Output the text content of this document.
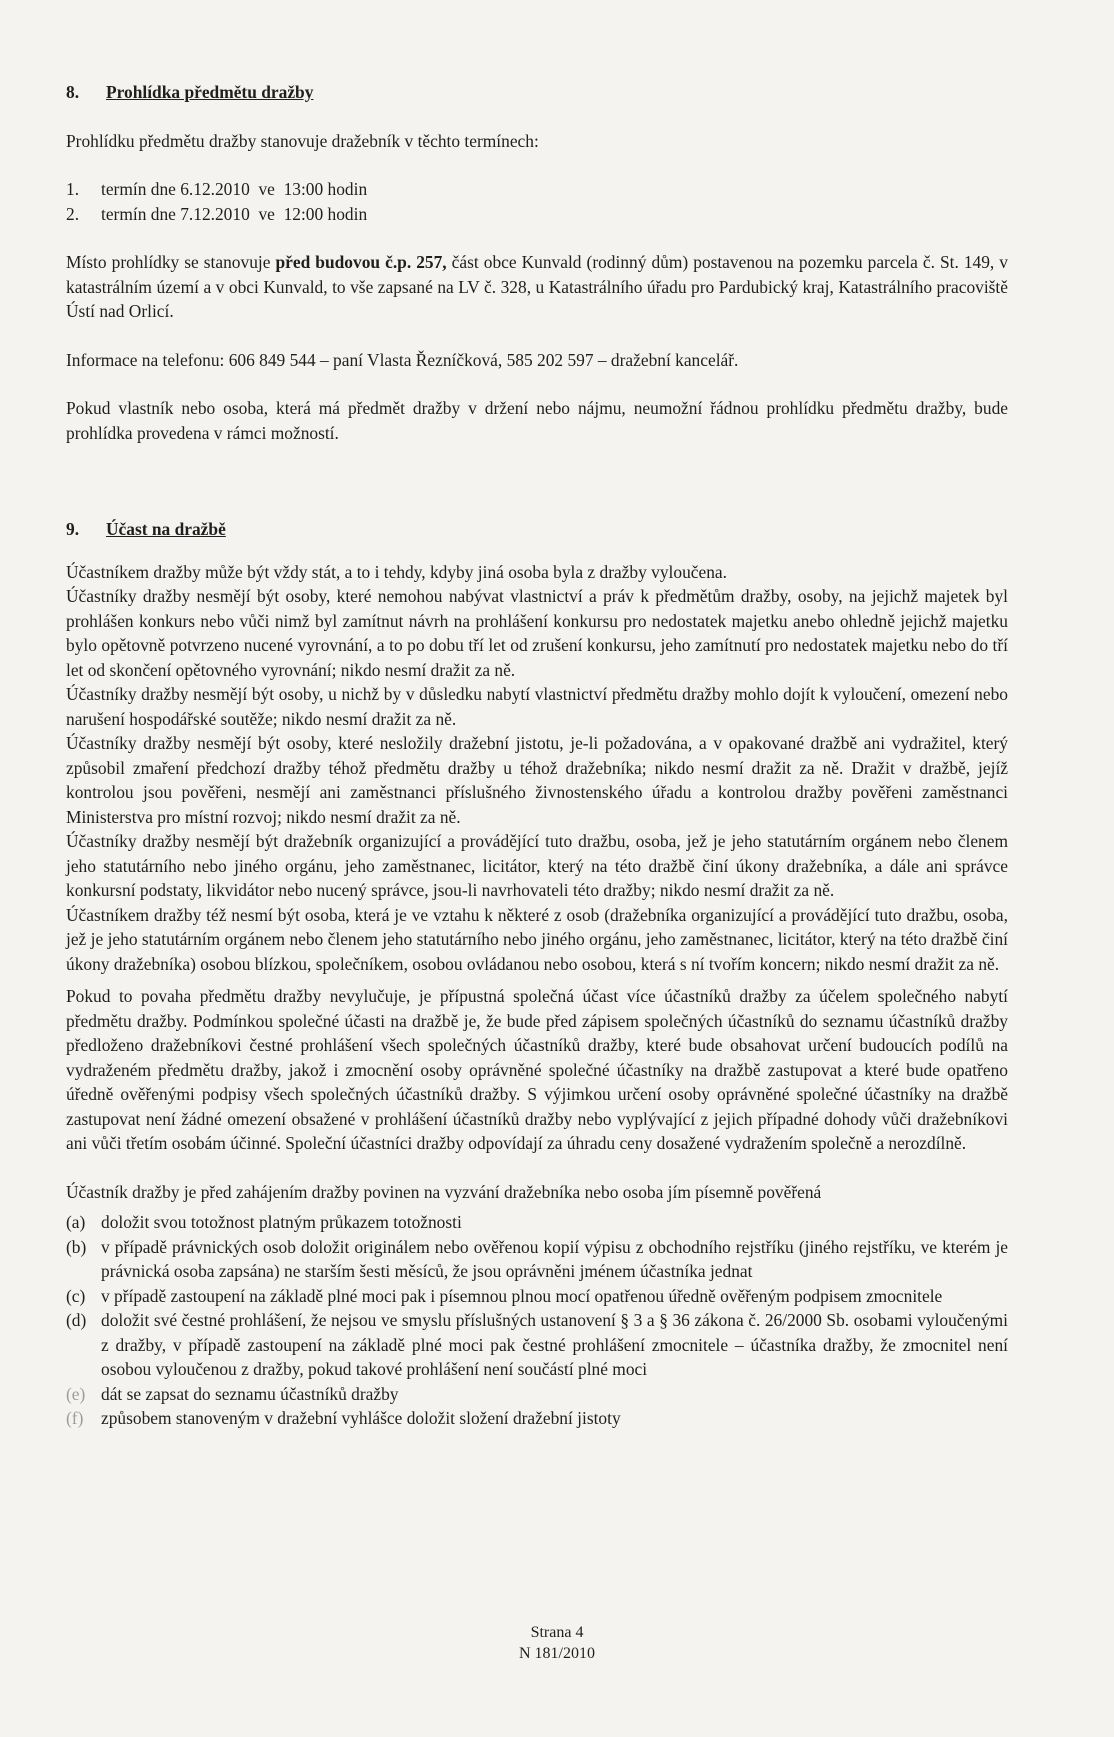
8.	Prohlídka předmětu dražby

Prohlídku předmětu dražby stanovuje dražebník v těchto termínech:

1.	termín dne 6.12.2010  ve  13:00 hodin
2.	termín dne 7.12.2010  ve  12:00 hodin

Místo prohlídky se stanovuje před budovou č.p. 257, část obce Kunvald (rodinný dům) postavenou na pozemku parcela č. St. 149, v katastrálním území a v obci Kunvald, to vše zapsané na LV č. 328, u Katastrálního úřadu pro Pardubický kraj, Katastrálního pracoviště Ústí nad Orlicí.

Informace na telefonu: 606 849 544 – paní Vlasta Řezníčková, 585 202 597 – dražební kancelář.

Pokud vlastník nebo osoba, která má předmět dražby v držení nebo nájmu, neumožní řádnou prohlídku předmětu dražby, bude prohlídka provedena v rámci možností.

9.	Účast na dražbě

Účastníkem dražby může být vždy stát, a to i tehdy, kdyby jiná osoba byla z dražby vyloučena.

Účastníky dražby nesmějí být osoby, které nemohou nabývat vlastnictví a práv k předmětům dražby, osoby, na jejichž majetek byl prohlášen konkurs nebo vůči nimž byl zamítnut návrh na prohlášení konkursu pro nedostatek majetku anebo ohledně jejichž majetku bylo opětovně potvrzeno nucené vyrovnání, a to po dobu tří let od zrušení konkursu, jeho zamítnutí pro nedostatek majetku nebo do tří let od skončení opětovného vyrovnání; nikdo nesmí dražit za ně.

Účastníky dražby nesmějí být osoby, u nichž by v důsledku nabytí vlastnictví předmětu dražby mohlo dojít k vyloučení, omezení nebo narušení hospodářské soutěže; nikdo nesmí dražit za ně.

Účastníky dražby nesmějí být osoby, které nesložily dražební jistotu, je-li požadována, a v opakované dražbě ani vydražitel, který způsobil zmaření předchozí dražby téhož předmětu dražby u téhož dražebníka; nikdo nesmí dražit za ně. Dražit v dražbě, jejíž kontrolou jsou pověřeni, nesmějí ani zaměstnanci příslušného živnostenského úřadu a kontrolou dražby pověřeni zaměstnanci Ministerstva pro místní rozvoj; nikdo nesmí dražit za ně.

Účastníky dražby nesmějí být dražebník organizující a provádějící tuto dražbu, osoba, jež je jeho statutárním orgánem nebo členem jeho statutárního nebo jiného orgánu, jeho zaměstnanec, licitátor, který na této dražbě činí úkony dražebníka, a dále ani správce konkursní podstaty, likvidátor nebo nucený správce, jsou-li navrhovateli této dražby; nikdo nesmí dražit za ně.

Účastníkem dražby též nesmí být osoba, která je ve vztahu k některé z osob (dražebníka organizující a provádějící tuto dražbu, osoba, jež je jeho statutárním orgánem nebo členem jeho statutárního nebo jiného orgánu, jeho zaměstnanec, licitátor, který na této dražbě činí úkony dražebníka) osobou blízkou, společníkem, osobou ovládanou nebo osobou, která s ní tvořím koncern; nikdo nesmí dražit za ně.

Pokud to povaha předmětu dražby nevylučuje, je přípustná společná účast více účastníků dražby za účelem společného nabytí předmětu dražby. Podmínkou společné účasti na dražbě je, že bude před zápisem společných účastníků do seznamu účastníků dražby předloženo dražebníkovi čestné prohlášení všech společných účastníků dražby, které bude obsahovat určení budoucích podílů na vydraženém předmětu dražby, jakož i zmocnění osoby oprávněné společné účastníky na dražbě zastupovat a které bude opatřeno úředně ověřenými podpisy všech společných účastníků dražby. S výjimkou určení osoby oprávněné společné účastníky na dražbě zastupovat není žádné omezení obsažené v prohlášení účastníků dražby nebo vyplývající z jejich případné dohody vůči dražebníkovi ani vůči třetím osobám účinné. Společní účastníci dražby odpovídají za úhradu ceny dosažené vydražením společně a nerozdílně.

Účastník dražby je před zahájením dražby povinen na vyzvání dražebníka nebo osoba jím písemně pověřená

(a) doložit svou totožnost platným průkazem totožnosti
(b) v případě právnických osob doložit originálem nebo ověřenou kopií výpisu z obchodního rejstříku (jiného rejstříku, ve kterém je právnická osoba zapsána) ne starším šesti měsíců, že jsou oprávněni jménem účastníka jednat
(c) v případě zastoupení na základě plné moci pak i písemnou plnou mocí opatřenou úředně ověřeným podpisem zmocnitele
(d) doložit své čestné prohlášení, že nejsou ve smyslu příslušných ustanovení § 3 a § 36 zákona č. 26/2000 Sb. osobami vyloučenými z dražby, v případě zastoupení na základě plné moci pak čestné prohlášení zmocnitele – účastníka dražby, že zmocnitel není osobou vyloučenou z dražby, pokud takové prohlášení není součástí plné moci
(e) dát se zapsat do seznamu účastníků dražby
(f)	způsobem stanoveným v dražební vyhlášce doložit složení dražební jistoty
Strana 4
N 181/2010
